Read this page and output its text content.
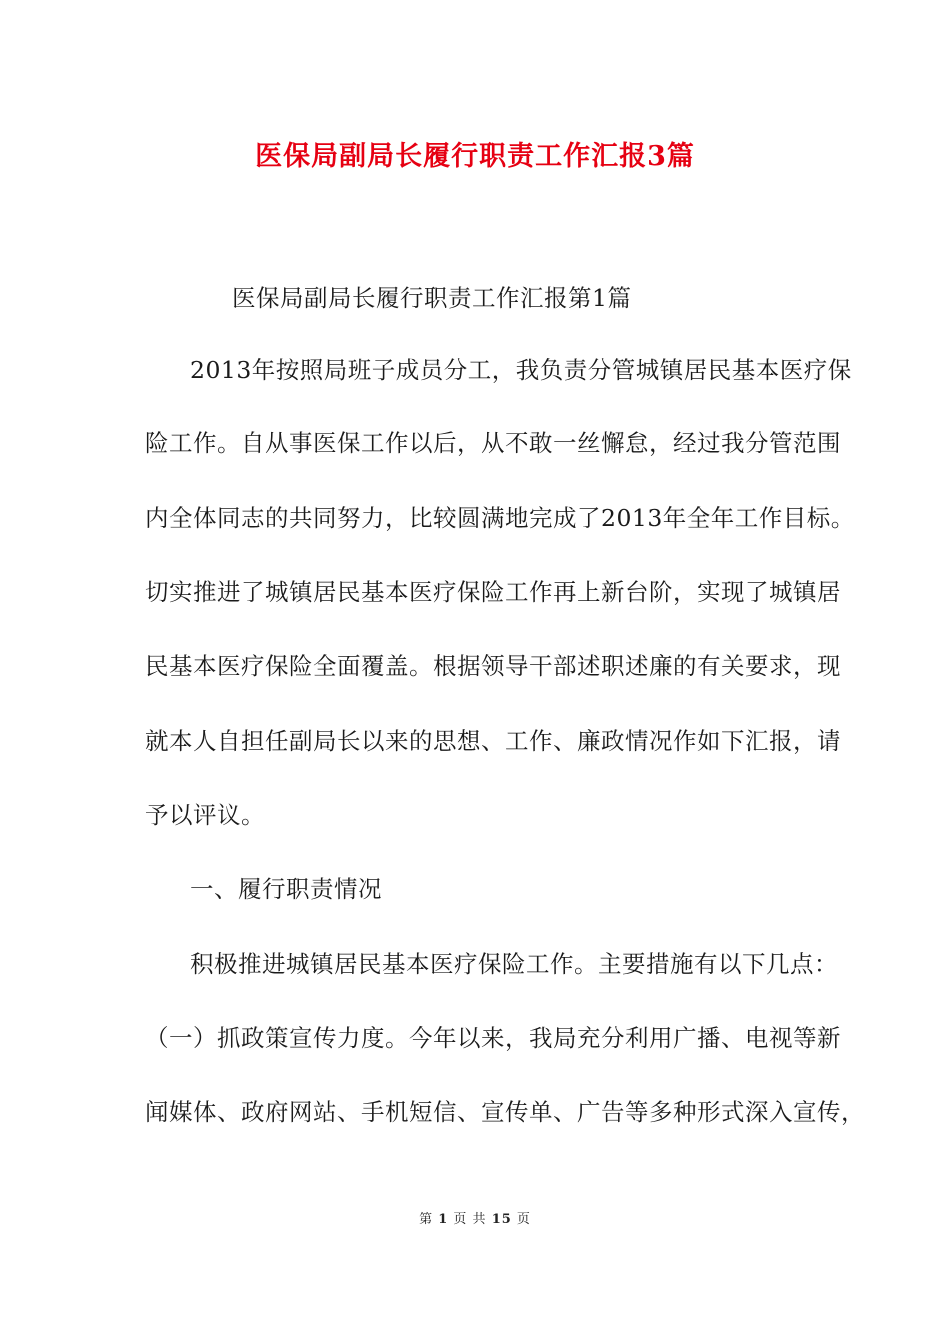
医保局副局长履行职责工作汇报3篇

医保局副局长履行职责工作汇报第1篇

2013年按照局班子成员分工，我负责分管城镇居民基本医疗保

险工作。自从事医保工作以后，从不敢一丝懈怠，经过我分管范围

内全体同志的共同努力，比较圆满地完成了2013年全年工作目标。

切实推进了城镇居民基本医疗保险工作再上新台阶，实现了城镇居

民基本医疗保险全面覆盖。根据领导干部述职述廉的有关要求，现

就本人自担任副局长以来的思想、工作、廉政情况作如下汇报，请

予以评议。

一、履行职责情况

积极推进城镇居民基本医疗保险工作。主要措施有以下几点：

（一）抓政策宣传力度。今年以来，我局充分利用广播、电视等新

闻媒体、政府网站、手机短信、宣传单、广告等多种形式深入宣传，

第 1 页 共 15 页
